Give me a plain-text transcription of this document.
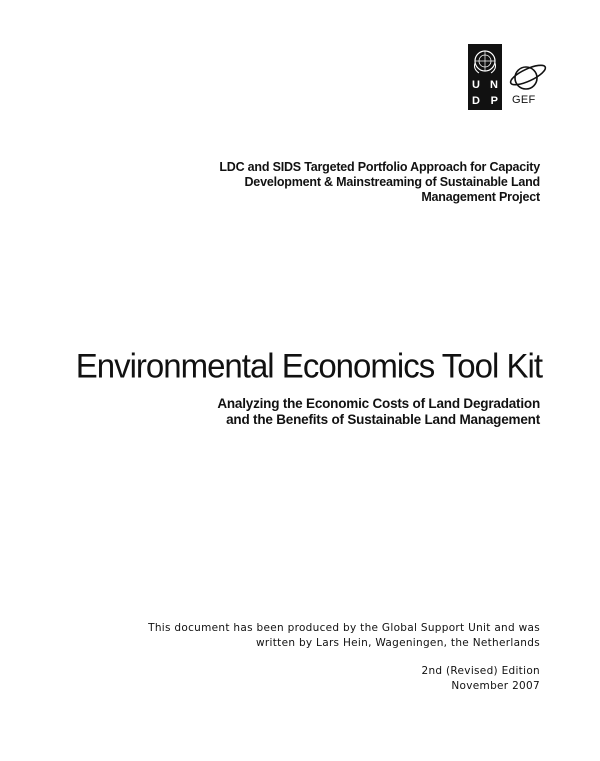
U N
D P GEF
LDC and SIDS Targeted Portfolio Approach for Capacity
Development & Mainstreaming of Sustainable Land
Management Project
Environmental Economics Tool Kit
Analyzing the Economic Costs of Land Degradation
and the Benefits of Sustainable Land Management
This document has been produced by the Global Support Unit and was
written by Lars Hein, Wageningen, the Netherlands
2nd (Revised) Edition
November 2007
